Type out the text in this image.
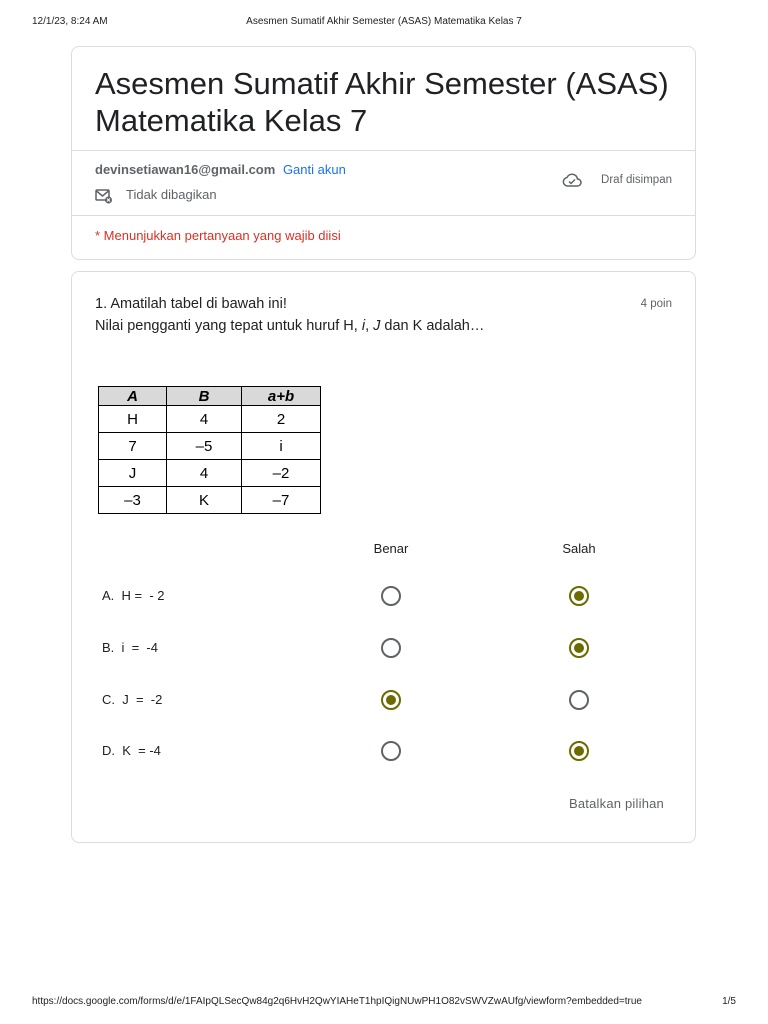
12/1/23, 8:24 AM	Asesmen Sumatif Akhir Semester (ASAS) Matematika Kelas 7
Asesmen Sumatif Akhir Semester (ASAS) Matematika Kelas 7
devinsetiawan16@gmail.com Ganti akun
Tidak dibagikan
Draf disimpan
* Menunjukkan pertanyaan yang wajib diisi
1. Amatilah tabel di bawah ini!	4 poin
Nilai pengganti yang tepat untuk huruf H, i, J dan K adalah…
A	B	a+b
H	4	2
7	–5	i
J	4	–2
–3	K	–7
Benar	Salah
A.  H =  - 2
B.  i  =  -4
C.  J  =  -2
D.  K  = -4
Batalkan pilihan
https://docs.google.com/forms/d/e/1FAIpQLSecQw84g2q6HvH2QwYIAHeT1hpIQigNUwPH1O82vSWVZwAUfg/viewform?embedded=true	1/5
